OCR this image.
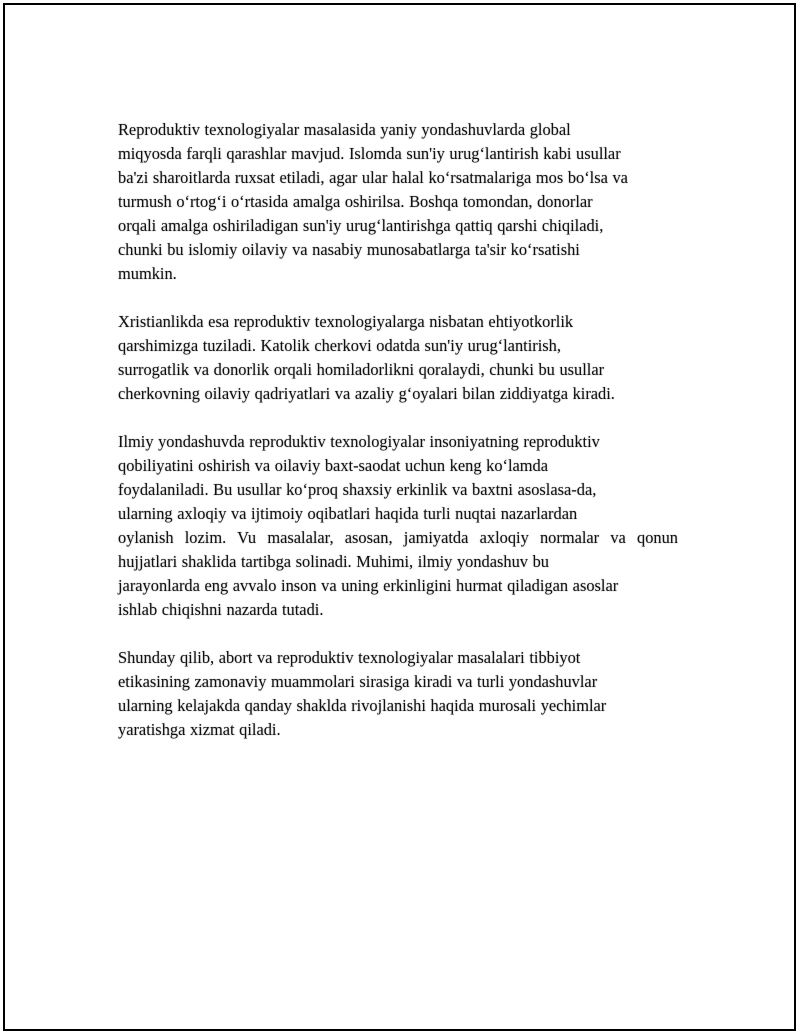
Reproduktiv texnologiyalar masalasida yaniy yondashuvlarda global
miqyosda farqli qarashlar mavjud. Islomda sun'iy urug‘lantirish kabi usullar
ba'zi sharoitlarda ruxsat etiladi, agar ular halal ko‘rsatmalariga mos bo‘lsa va
turmush o‘rtog‘i o‘rtasida amalga oshirilsa. Boshqa tomondan, donorlar
orqali amalga oshiriladigan sun'iy urug‘lantirishga qattiq qarshi chiqiladi,
chunki bu islomiy oilaviy va nasabiy munosabatlarga ta'sir ko‘rsatishi
mumkin.

Xristianlikda esa reproduktiv texnologiyalarga nisbatan ehtiyotkorlik
qarshimizga tuziladi. Katolik cherkovi odatda sun'iy urug‘lantirish,
surrogatlik va donorlik orqali homiladorlikni qoralaydi, chunki bu usullar
cherkovning oilaviy qadriyatlari va azaliy g‘oyalari bilan ziddiyatga kiradi.

Ilmiy yondashuvda reproduktiv texnologiyalar insoniyatning reproduktiv
qobiliyatini oshirish va oilaviy baxt-saodat uchun keng ko‘lamda
foydalaniladi. Bu usullar ko‘proq shaxsiy erkinlik va baxtni asoslasa-da,
ularning axloqiy va ijtimoiy oqibatlari haqida turli nuqtai nazarlardan
oylanish lozim. Vu masalalar, asosan, jamiyatda axloqiy normalar va qonun
hujjatlari shaklida tartibga solinadi. Muhimi, ilmiy yondashuv bu
jarayonlarda eng avvalo inson va uning erkinligini hurmat qiladigan asoslar
ishlab chiqishni nazarda tutadi.

Shunday qilib, abort va reproduktiv texnologiyalar masalalari tibbiyot
etikasining zamonaviy muammolari sirasiga kiradi va turli yondashuvlar
ularning kelajakda qanday shaklda rivojlanishi haqida murosali yechimlar
yaratishga xizmat qiladi.
